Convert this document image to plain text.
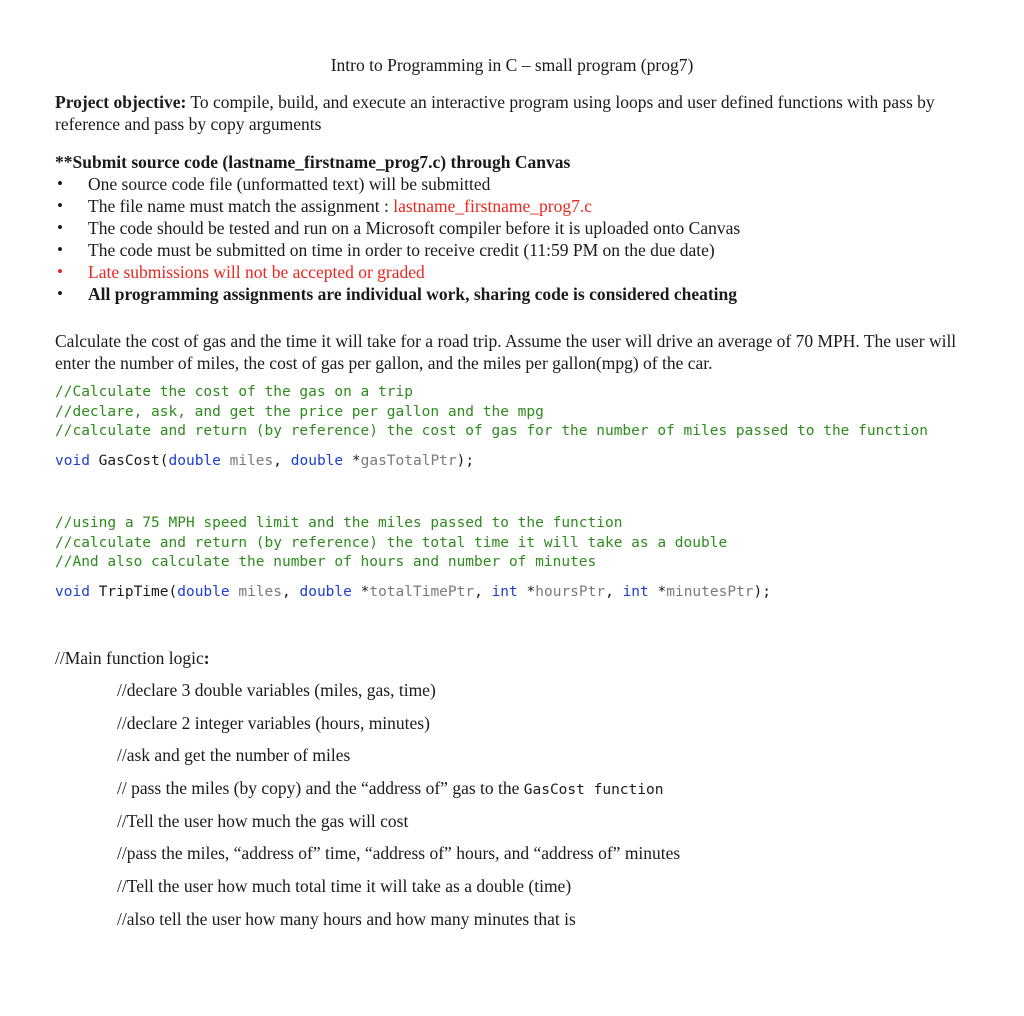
Intro to Programming in C – small program (prog7)
Project objective: To compile, build, and execute an interactive program using loops and user defined functions with pass by reference and pass by copy arguments
**Submit source code (lastname_firstname_prog7.c) through Canvas
• One source code file (unformatted text) will be submitted
• The file name must match the assignment : lastname_firstname_prog7.c
• The code should be tested and run on a Microsoft compiler before it is uploaded onto Canvas
• The code must be submitted on time in order to receive credit (11:59 PM on the due date)
• Late submissions will not be accepted or graded
• All programming assignments are individual work, sharing code is considered cheating
Calculate the cost of gas and the time it will take for a road trip. Assume the user will drive an average of 70 MPH. The user will enter the number of miles, the cost of gas per gallon, and the miles per gallon(mpg) of the car.
//Calculate the cost of the gas on a trip
//declare, ask, and get the price per gallon and the mpg
//calculate and return (by reference) the cost of gas for the number of miles passed to the function
void GasCost(double miles, double *gasTotalPtr);
//using a 75 MPH speed limit and the miles passed to the function
//calculate and return (by reference) the total time it will take as a double
//And also calculate the number of hours and number of minutes
void TripTime(double miles, double *totalTimePtr, int *hoursPtr, int *minutesPtr);
//Main function logic:
//declare 3 double variables (miles, gas, time)
//declare 2 integer variables (hours, minutes)
//ask and get the number of miles
// pass the miles (by copy) and the “address of” gas to the GasCost function
//Tell the user how much the gas will cost
//pass the miles, “address of” time, “address of” hours, and “address of” minutes
//Tell the user how much total time it will take as a double (time)
//also tell the user how many hours and how many minutes that is
